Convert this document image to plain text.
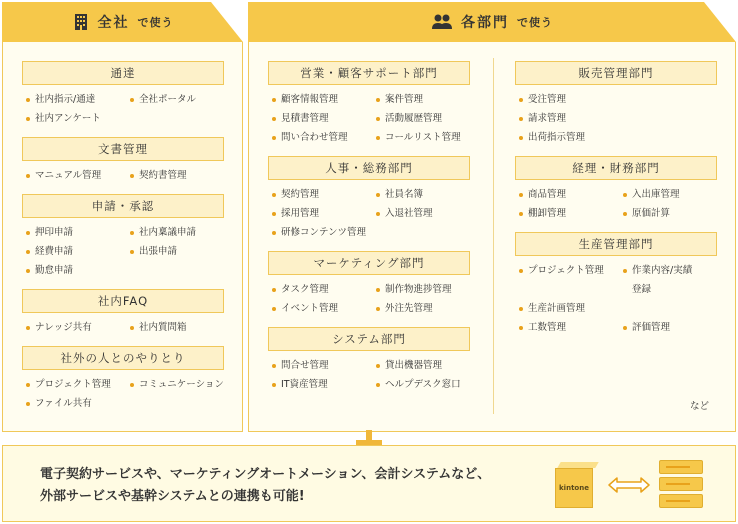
全社 で使う
通達
社内指示/通達	全社ポータル
社内アンケート
文書管理
マニュアル管理	契約書管理
申請・承認
押印申請	社内稟議申請
経費申請	出張申請
勤怠申請
社内FAQ
ナレッジ共有	社内質問箱
社外の人とのやりとり
プロジェクト管理	コミュニケーション
ファイル共有
各部門 で使う
営業・顧客サポート部門
顧客情報管理	案件管理
見積書管理	活動履歴管理
問い合わせ管理	コールリスト管理
人事・総務部門
契約管理	社員名簿
採用管理	入退社管理
研修コンテンツ管理
マーケティング部門
タスク管理	制作物進捗管理
イベント管理	外注先管理
システム部門
問合せ管理	貸出機器管理
IT資産管理	ヘルプデスク窓口
販売管理部門
受注管理
請求管理
出荷指示管理
経理・財務部門
商品管理	入出庫管理
棚卸管理	原価計算
生産管理部門
プロジェクト管理	作業内容/実績
登録
生産計画管理
工数管理	評価管理
など
電子契約サービスや、マーケティングオートメーション、会計システムなど、
外部サービスや基幹システムとの連携も可能!
kintone
